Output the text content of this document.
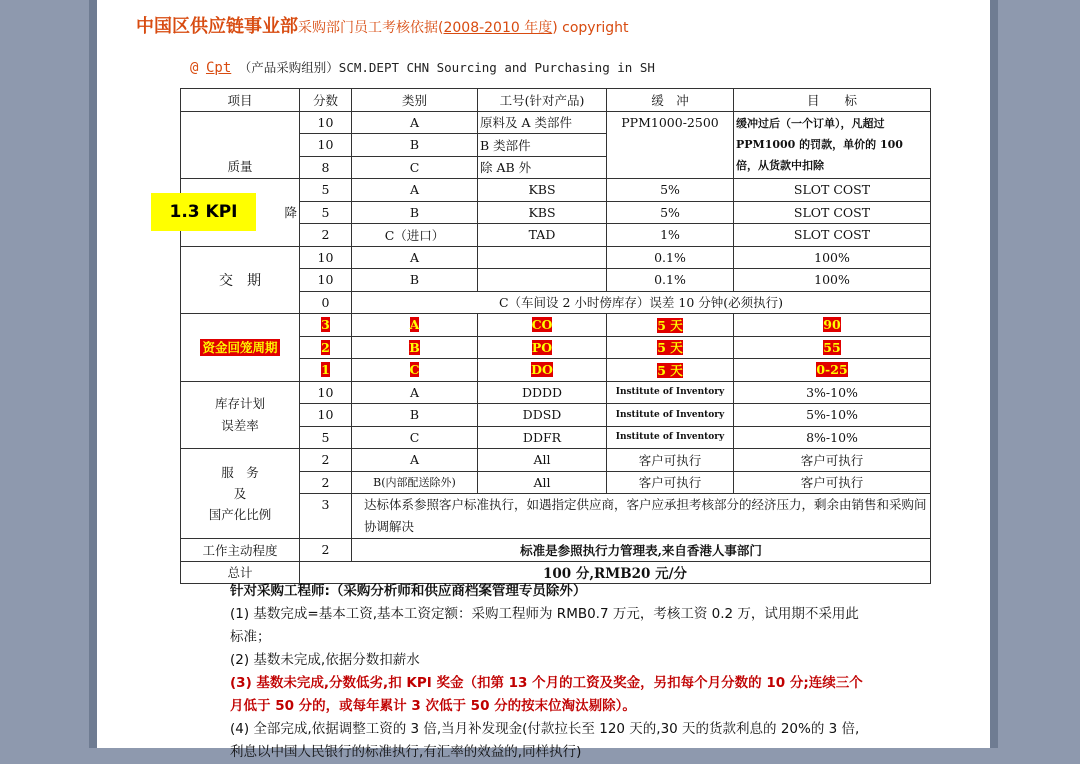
中国区供应链事业部采购部门员工考核依据(2008-2010 年度) copyright
@ Cpt （产品采购组别）SCM.DEPT CHN Sourcing and Purchasing in SH
1.3 KPI
项目	分数	类别	工号(针对产品)	缓　冲	目　　标
质量	10	A	原料及 A 类部件	PPM1000-2500	缓冲过后（一个订单），凡超过 PPM1000 的罚款，单价的 100 倍，从货款中扣除
	10	B	B 类部件		
	8	C	除 AB 外		
降	5	A	KBS	5%	SLOT COST
	5	B	KBS	5%	SLOT COST
	2	C（进口）	TAD	1%	SLOT COST
交　期	10	A		0.1%	100%
	10	B		0.1%	100%
	0	C（车间设 2 小时傍库存）误差 10 分钟(必须执行)			
资金回笼周期	3	A	CO	5 天	90
	2	B	PO	5 天	55
	1	C	DO	5 天	0-25

库存计划
误差率	10	A	DDDD	Institute of Inventory	3%-10%
	10	B	DDSD	Institute of Inventory	5%-10%
	5	C	DDFR	Institute of Inventory	8%-10%

服　务
及
国产化比例	2	A	All	客户可执行	客户可执行
	2	B(内部配送除外)	All	客户可执行	客户可执行
	3	达标体系参照客户标准执行，如遇指定供应商，客户应承担考核部分的经济压力，剩余由销售和采购间协调解决			
工作主动程度	2	标准是参照执行力管理表,来自香港人事部门			
总计	100 分,RMB20 元/分				

针对采购工程师:（采购分析师和供应商档案管理专员除外）

(1) 基数完成=基本工资,基本工资定额：采购工程师为 RMB0.7 万元，考核工资 0.2 万，试用期不采用此标准；

(2) 基数未完成,依据分数扣薪水

(3) 基数未完成,分数低劣,扣 KPI 奖金（扣第 13 个月的工资及奖金，另扣每个月分数的 10 分;连续三个月低于 50 分的，或每年累计 3 次低于 50 分的按末位淘汰剔除）。

(4) 全部完成,依据调整工资的 3 倍,当月补发现金(付款拉长至 120 天的,30 天的货款利息的 20%的 3 倍,利息以中国人民银行的标准执行,有汇率的效益的,同样执行)
